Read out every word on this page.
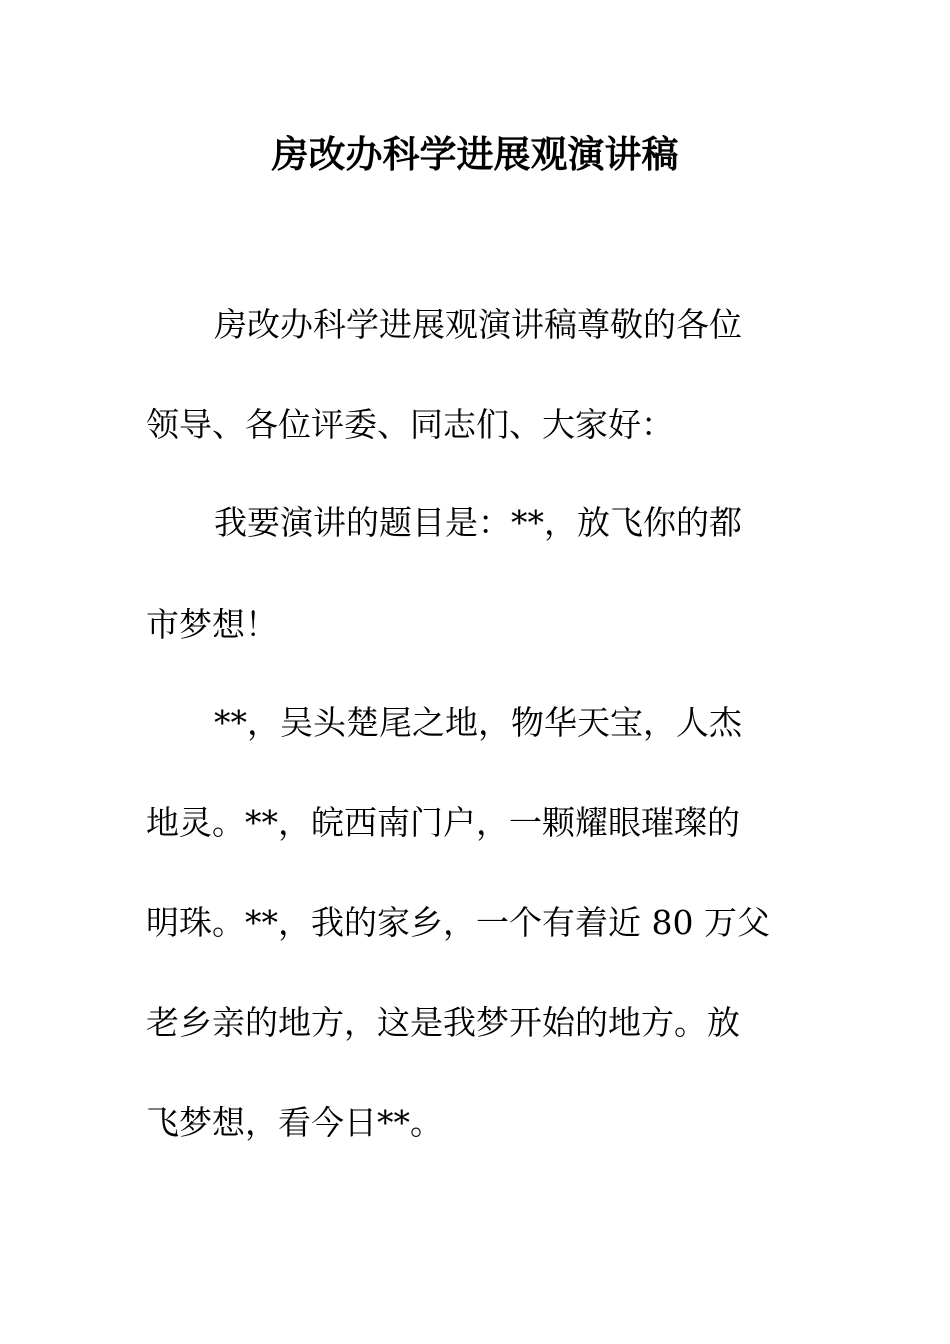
房改办科学进展观演讲稿
房改办科学进展观演讲稿尊敬的各位
领导、各位评委、同志们、大家好：
我要演讲的题目是：**，放飞你的都
市梦想！
**，吴头楚尾之地，物华天宝，人杰
地灵。**，皖西南门户，一颗耀眼璀璨的
明珠。**，我的家乡，一个有着近 80 万父
老乡亲的地方，这是我梦开始的地方。放
飞梦想，看今日**。
